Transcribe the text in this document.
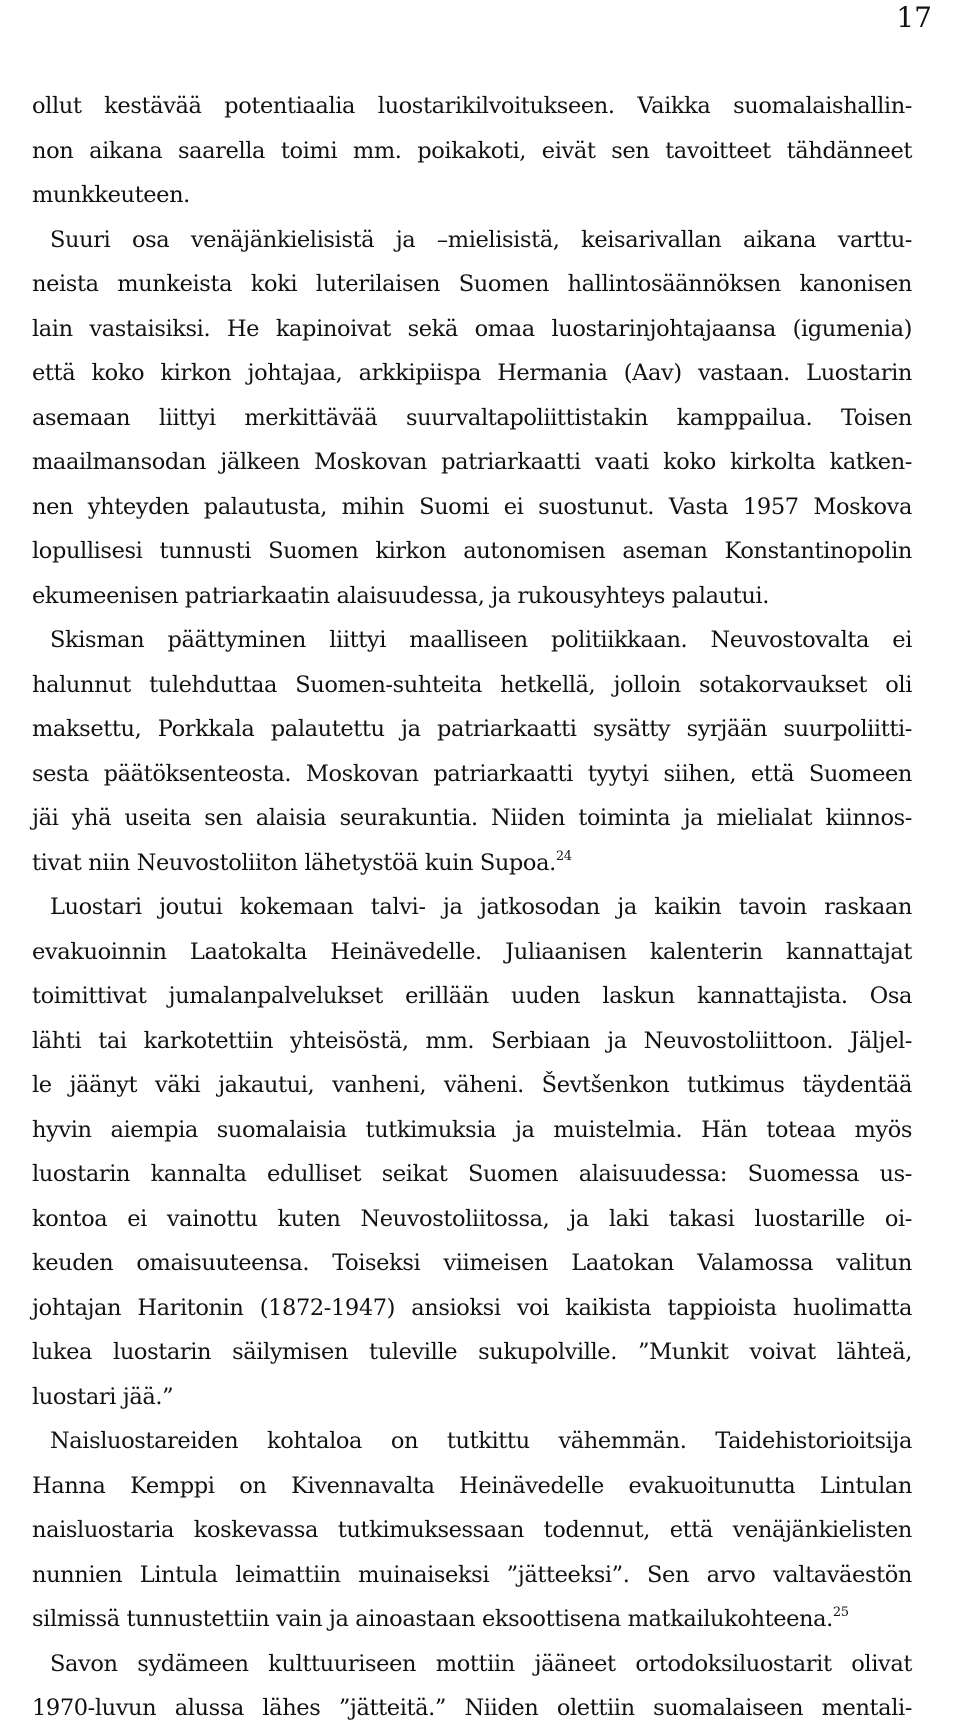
17
ollut kestävää potentiaalia luostarikilvoitukseen. Vaikka suomalaishallin-
non aikana saarella toimi mm. poikakoti, eivät sen tavoitteet tähdänneet
munkkeuteen.
Suuri osa venäjänkielisistä ja –mielisistä, keisarivallan aikana varttu-
neista munkeista koki luterilaisen Suomen hallintosäännöksen kanonisen
lain vastaisiksi. He kapinoivat sekä omaa luostarinjohtajaansa (igumenia)
että koko kirkon johtajaa, arkkipiispa Hermania (Aav) vastaan. Luostarin
asemaan liittyi merkittävää suurvaltapoliittistakin kamppailua. Toisen
maailmansodan jälkeen Moskovan patriarkaatti vaati koko kirkolta katken-
nen yhteyden palautusta, mihin Suomi ei suostunut. Vasta 1957 Moskova
lopullisesi tunnusti Suomen kirkon autonomisen aseman Konstantinopolin
ekumeenisen patriarkaatin alaisuudessa, ja rukousyhteys palautui.
Skisman päättyminen liittyi maalliseen politiikkaan. Neuvostovalta ei
halunnut tulehduttaa Suomen-suhteita hetkellä, jolloin sotakorvaukset oli
maksettu, Porkkala palautettu ja patriarkaatti sysätty syrjään suurpoliitti-
sesta päätöksenteosta. Moskovan patriarkaatti tyytyi siihen, että Suomeen
jäi yhä useita sen alaisia seurakuntia. Niiden toiminta ja mielialat kiinnos-
tivat niin Neuvostoliiton lähetystöä kuin Supoa.$^{24}$
Luostari joutui kokemaan talvi- ja jatkosodan ja kaikin tavoin raskaan
evakuoinnin Laatokalta Heinävedelle. Juliaanisen kalenterin kannattajat
toimittivat jumalanpalvelukset erillään uuden laskun kannattajista. Osa
lähti tai karkotettiin yhteisöstä, mm. Serbiaan ja Neuvostoliittoon. Jäljel-
le jäänyt väki jakautui, vanheni, väheni. Ševtšenkon tutkimus täydentää
hyvin aiempia suomalaisia tutkimuksia ja muistelmia. Hän toteaa myös
luostarin kannalta edulliset seikat Suomen alaisuudessa: Suomessa us-
kontoa ei vainottu kuten Neuvostoliitossa, ja laki takasi luostarille oi-
keuden omaisuuteensa. Toiseksi viimeisen Laatokan Valamossa valitun
johtajan Haritonin (1872-1947) ansioksi voi kaikista tappioista huolimatta
lukea luostarin säilymisen tuleville sukupolville. ”Munkit voivat lähteä,
luostari jää.”
Naisluostareiden kohtaloa on tutkittu vähemmän. Taidehistorioitsija
Hanna Kemppi on Kivennavalta Heinävedelle evakuoitunutta Lintulan
naisluostaria koskevassa tutkimuksessaan todennut, että venäjänkielisten
nunnien Lintula leimattiin muinaiseksi ”jätteeksi”. Sen arvo valtaväestön
silmissä tunnustettiin vain ja ainoastaan eksoottisena matkailukohteena.$^{25}$
Savon sydämeen kulttuuriseen mottiin jääneet ortodoksiluostarit olivat
1970-luvun alussa lähes ”jätteitä.” Niiden olettiin suomalaiseen mentali-
